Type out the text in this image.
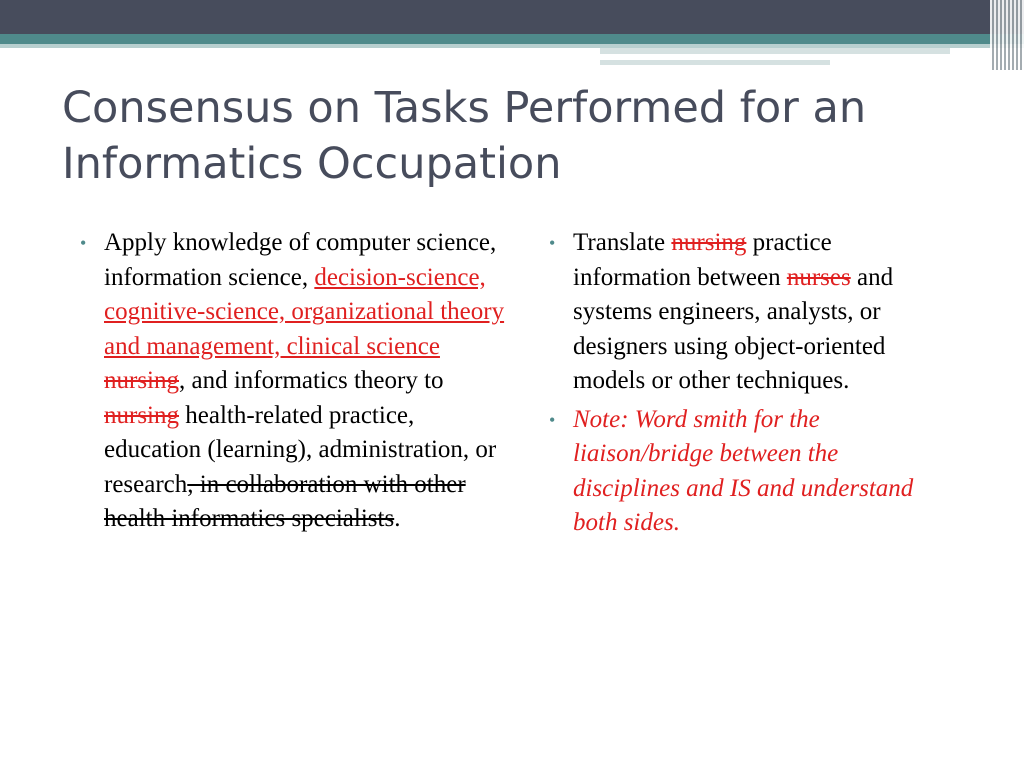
Consensus on Tasks Performed for an
Informatics Occupation
• Apply knowledge of computer science, information science, decision-science, cognitive-science, organizational theory and management, clinical science nursing, and informatics theory to nursing health-related practice, education (learning), administration, or research, in collaboration with other health informatics specialists.
• Translate nursing practice information between nurses and systems engineers, analysts, or designers using object-oriented models or other techniques.
• Note: Word smith for the liaison/bridge between the disciplines and IS and understand both sides.
